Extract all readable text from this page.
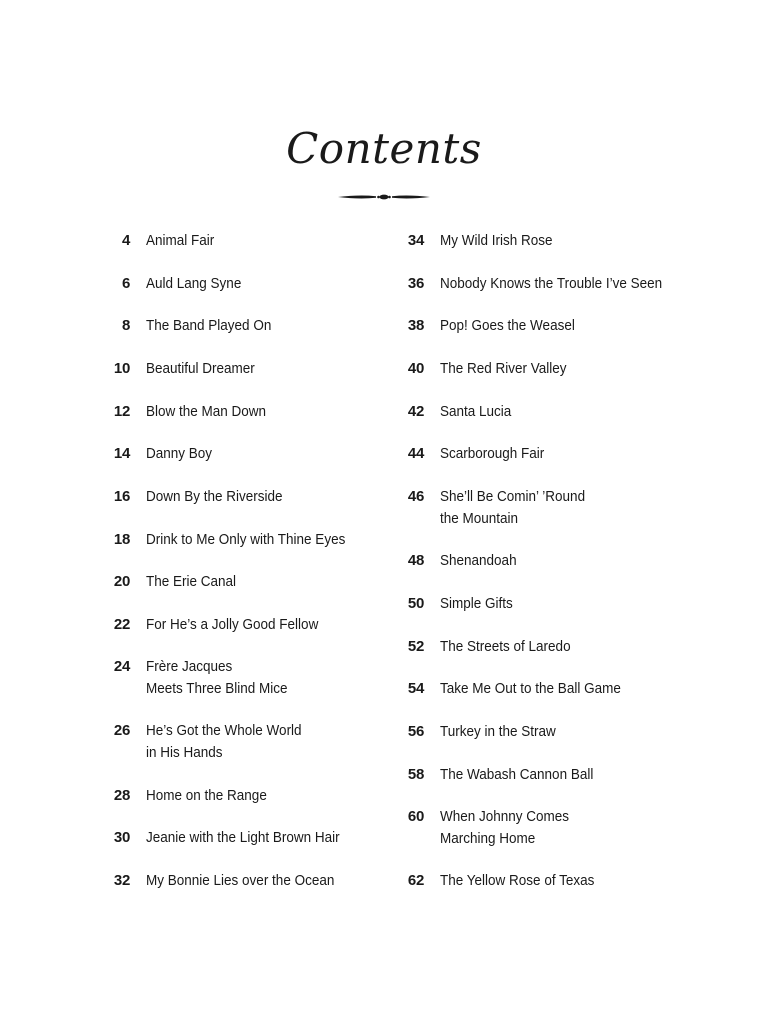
Contents
4 Animal Fair
6 Auld Lang Syne
8 The Band Played On
10 Beautiful Dreamer
12 Blow the Man Down
14 Danny Boy
16 Down By the Riverside
18 Drink to Me Only with Thine Eyes
20 The Erie Canal
22 For He’s a Jolly Good Fellow
24 Frère Jacques
Meets Three Blind Mice
26 He’s Got the Whole World
in His Hands
28 Home on the Range
30 Jeanie with the Light Brown Hair
32 My Bonnie Lies over the Ocean
34 My Wild Irish Rose
36 Nobody Knows the Trouble I’ve Seen
38 Pop! Goes the Weasel
40 The Red River Valley
42 Santa Lucia
44 Scarborough Fair
46 She’ll Be Comin’ ’Round
the Mountain
48 Shenandoah
50 Simple Gifts
52 The Streets of Laredo
54 Take Me Out to the Ball Game
56 Turkey in the Straw
58 The Wabash Cannon Ball
60 When Johnny Comes
Marching Home
62 The Yellow Rose of Texas
